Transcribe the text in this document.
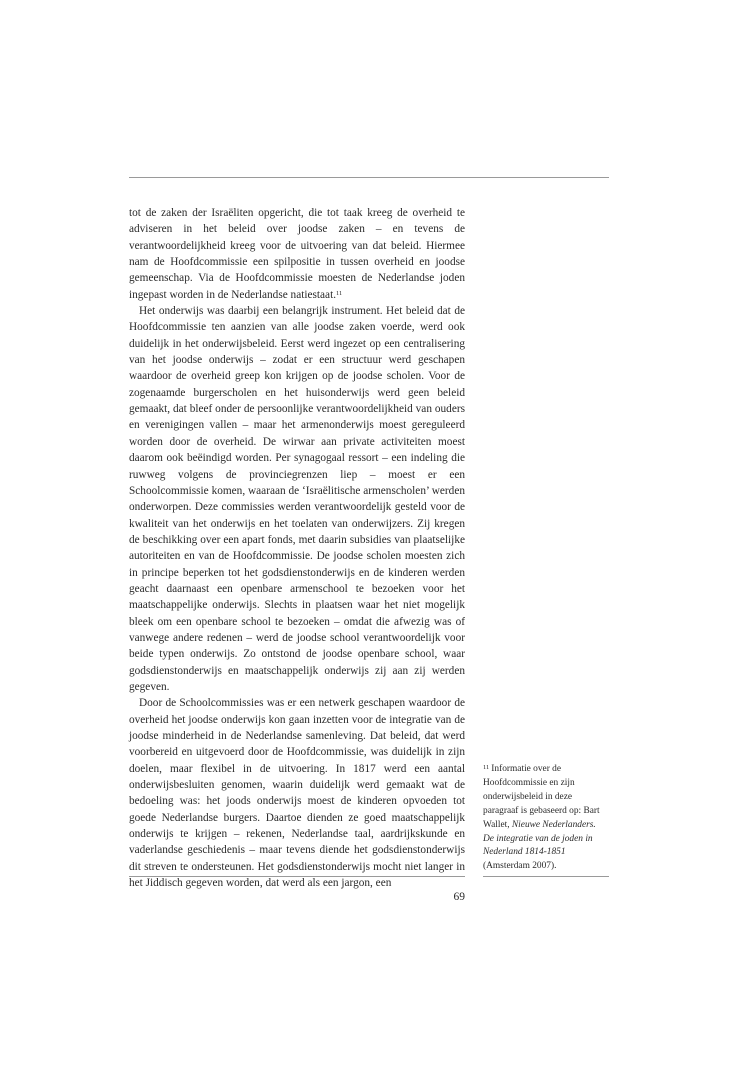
tot de zaken der Israëliten opgericht, die tot taak kreeg de overheid te adviseren in het beleid over joodse zaken – en tevens de verantwoordelijkheid kreeg voor de uitvoering van dat beleid. Hiermee nam de Hoofdcommissie een spilpositie in tussen overheid en joodse gemeenschap. Via de Hoofdcommissie moesten de Nederlandse joden ingepast worden in de Nederlandse natiestaat.$^{11}$

Het onderwijs was daarbij een belangrijk instrument. Het beleid dat de Hoofdcommissie ten aanzien van alle joodse zaken voerde, werd ook duidelijk in het onderwijsbeleid. Eerst werd ingezet op een centralisering van het joodse onderwijs – zodat er een structuur werd geschapen waardoor de overheid greep kon krijgen op de joodse scholen. Voor de zogenaamde burgerscholen en het huisonderwijs werd geen beleid gemaakt, dat bleef onder de persoonlijke verantwoordelijkheid van ouders en verenigingen vallen – maar het armenonderwijs moest gereguleerd worden door de overheid. De wirwar aan private activiteiten moest daarom ook beëindigd worden. Per synagogaal ressort – een indeling die ruwweg volgens de provinciegrenzen liep – moest er een Schoolcommissie komen, waaraan de ‘Israëlitische armenscholen’ werden onderworpen. Deze commissies werden verantwoordelijk gesteld voor de kwaliteit van het onderwijs en het toelaten van onderwijzers. Zij kregen de beschikking over een apart fonds, met daarin subsidies van plaatselijke autoriteiten en van de Hoofdcommissie. De joodse scholen moesten zich in principe beperken tot het godsdienstonderwijs en de kinderen werden geacht daarnaast een openbare armenschool te bezoeken voor het maatschappelijke onderwijs. Slechts in plaatsen waar het niet mogelijk bleek om een openbare school te bezoeken – omdat die afwezig was of vanwege andere redenen – werd de joodse school verantwoordelijk voor beide typen onderwijs. Zo ontstond de joodse openbare school, waar godsdienstonderwijs en maatschappelijk onderwijs zij aan zij werden gegeven.

Door de Schoolcommissies was er een netwerk geschapen waardoor de overheid het joodse onderwijs kon gaan inzetten voor de integratie van de joodse minderheid in de Nederlandse samenleving. Dat beleid, dat werd voorbereid en uitgevoerd door de Hoofdcommissie, was duidelijk in zijn doelen, maar flexibel in de uitvoering. In 1817 werd een aantal onderwijsbesluiten genomen, waarin duidelijk werd gemaakt wat de bedoeling was: het joods onderwijs moest de kinderen opvoeden tot goede Nederlandse burgers. Daartoe dienden ze goed maatschappelijk onderwijs te krijgen – rekenen, Nederlandse taal, aardrijkskunde en vaderlandse geschiedenis – maar tevens diende het godsdienstonderwijs dit streven te ondersteunen. Het godsdienstonderwijs mocht niet langer in het Jiddisch gegeven worden, dat werd als een jargon, een

$^{11}$ Informatie over de Hoofdcommissie en zijn onderwijsbeleid in deze paragraaf is gebaseerd op: Bart Wallet, Nieuwe Nederlanders. De integratie van de joden in Nederland 1814-1851 (Amsterdam 2007).
69
